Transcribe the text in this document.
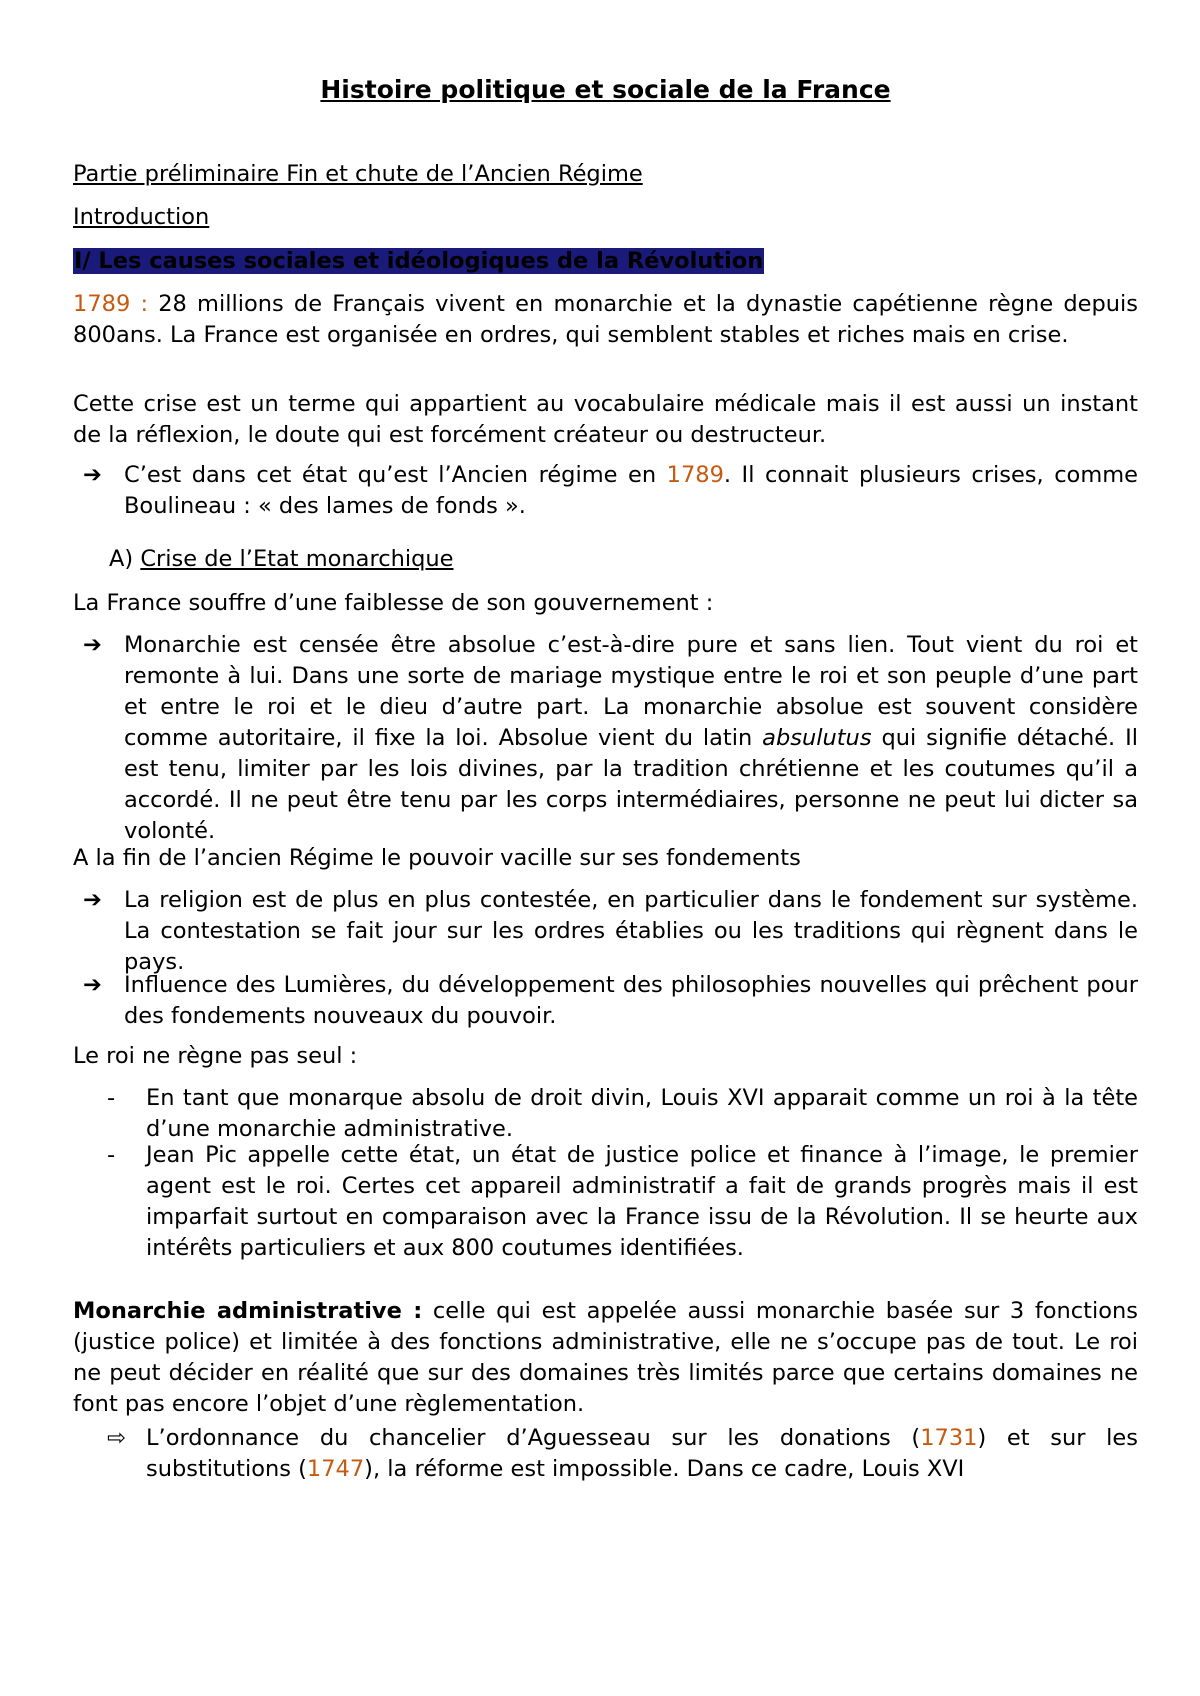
Histoire politique et sociale de la France
Partie préliminaire Fin et chute de l’Ancien Régime
Introduction
I/ Les causes sociales et idéologiques de la Révolution
1789 : 28 millions de Français vivent en monarchie et la dynastie capétienne règne depuis 800ans. La France est organisée en ordres, qui semblent stables et riches mais en crise.
Cette crise est un terme qui appartient au vocabulaire médicale mais il est aussi un instant de la réflexion, le doute qui est forcément créateur ou destructeur.
➔ C’est dans cet état qu’est l’Ancien régime en 1789. Il connait plusieurs crises, comme Boulineau : « des lames de fonds ».
A) Crise de l’Etat monarchique
La France souffre d’une faiblesse de son gouvernement :
➔ Monarchie est censée être absolue c’est-à-dire pure et sans lien. Tout vient du roi et remonte à lui. Dans une sorte de mariage mystique entre le roi et son peuple d’une part et entre le roi et le dieu d’autre part. La monarchie absolue est souvent considère comme autoritaire, il fixe la loi. Absolue vient du latin absulutus qui signifie détaché. Il est tenu, limiter par les lois divines, par la tradition chrétienne et les coutumes qu’il a accordé. Il ne peut être tenu par les corps intermédiaires, personne ne peut lui dicter sa volonté.
A la fin de l’ancien Régime le pouvoir vacille sur ses fondements
➔ La religion est de plus en plus contestée, en particulier dans le fondement sur système. La contestation se fait jour sur les ordres établies ou les traditions qui règnent dans le pays.
➔ Influence des Lumières, du développement des philosophies nouvelles qui prêchent pour des fondements nouveaux du pouvoir.
Le roi ne règne pas seul :
-	En tant que monarque absolu de droit divin, Louis XVI apparait comme un roi à la tête d’une monarchie administrative.
-	Jean Pic appelle cette état, un état de justice police et finance à l’image, le premier agent est le roi. Certes cet appareil administratif a fait de grands progrès mais il est imparfait surtout en comparaison avec la France issu de la Révolution. Il se heurte aux intérêts particuliers et aux 800 coutumes identifiées.
Monarchie administrative : celle qui est appelée aussi monarchie basée sur 3 fonctions (justice police) et limitée à des fonctions administrative, elle ne s’occupe pas de tout. Le roi ne peut décider en réalité que sur des domaines très limités parce que certains domaines ne font pas encore l’objet d’une règlementation.
⇨ L’ordonnance du chancelier d’Aguesseau sur les donations (1731) et sur les substitutions (1747), la réforme est impossible. Dans ce cadre, Louis XVI
